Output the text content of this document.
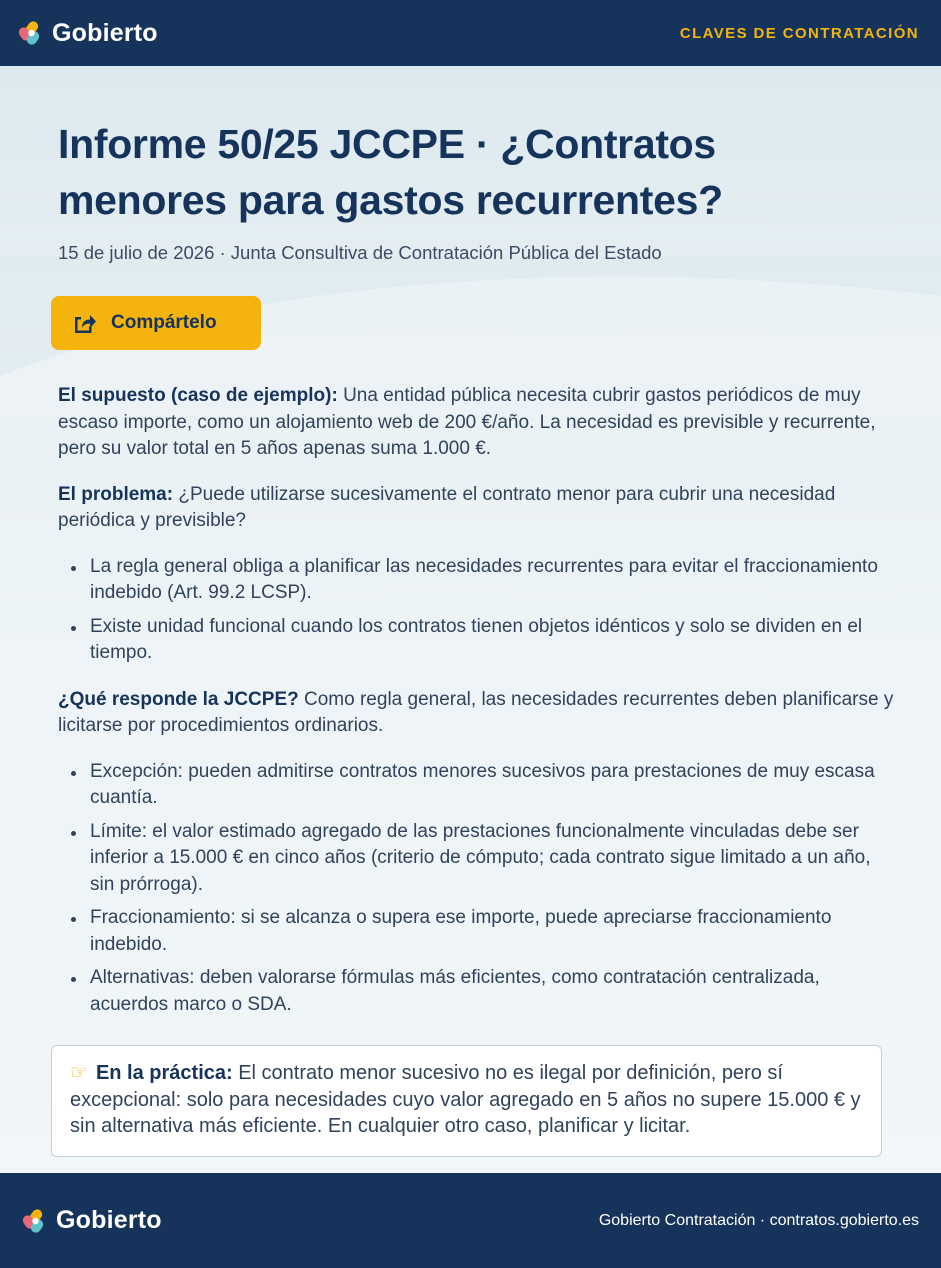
Gobierto	CLAVES DE CONTRATACIÓN
Informe 50/25 JCCPE · ¿Contratos menores para gastos recurrentes?
15 de julio de 2026 · Junta Consultiva de Contratación Pública del Estado
Compártelo

El supuesto (caso de ejemplo): Una entidad pública necesita cubrir gastos periódicos de muy escaso importe, como un alojamiento web de 200 €/año. La necesidad es previsible y recurrente, pero su valor total en 5 años apenas suma 1.000 €.

El problema: ¿Puede utilizarse sucesivamente el contrato menor para cubrir una necesidad periódica y previsible?

La regla general obliga a planificar las necesidades recurrentes para evitar el fraccionamiento indebido (Art. 99.2 LCSP).
Existe unidad funcional cuando los contratos tienen objetos idénticos y solo se dividen en el tiempo.

¿Qué responde la JCCPE? Como regla general, las necesidades recurrentes deben planificarse y licitarse por procedimientos ordinarios.

Excepción: pueden admitirse contratos menores sucesivos para prestaciones de muy escasa cuantía.
Límite: el valor estimado agregado de las prestaciones funcionalmente vinculadas debe ser inferior a 15.000 € en cinco años (criterio de cómputo; cada contrato sigue limitado a un año, sin prórroga).
Fraccionamiento: si se alcanza o supera ese importe, puede apreciarse fraccionamiento indebido.
Alternativas: deben valorarse fórmulas más eficientes, como contratación centralizada, acuerdos marco o SDA.
☞ En la práctica: El contrato menor sucesivo no es ilegal por definición, pero sí excepcional: solo para necesidades cuyo valor agregado en 5 años no supere 15.000 € y sin alternativa más eficiente. En cualquier otro caso, planificar y licitar.
Gobierto	Gobierto Contratación · contratos.gobierto.es
